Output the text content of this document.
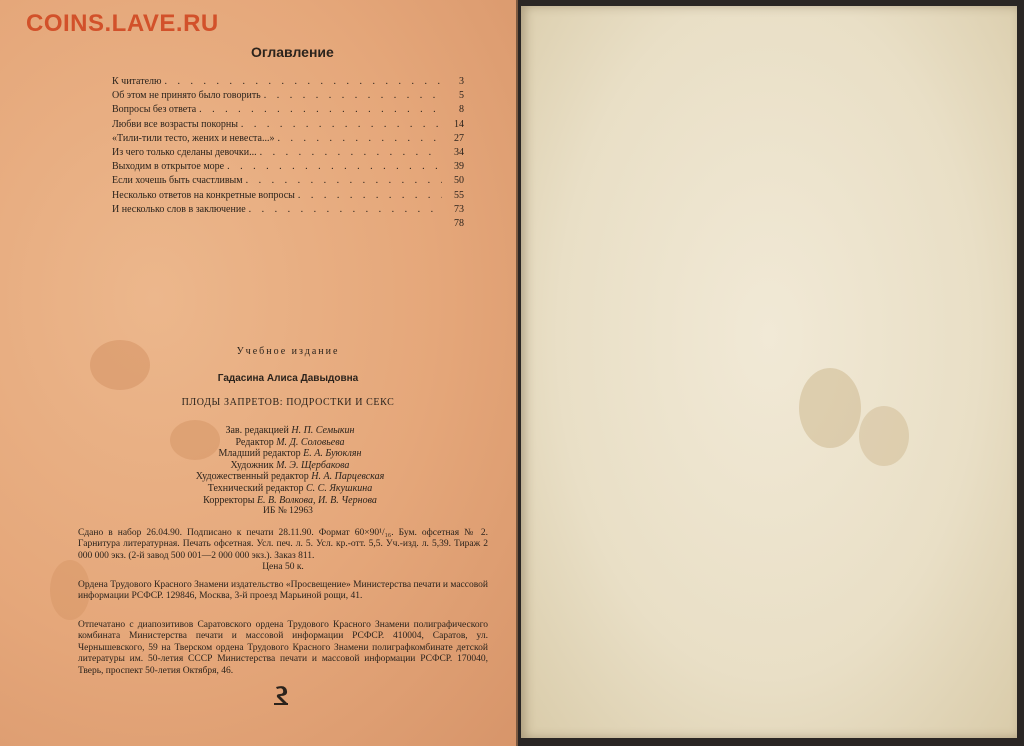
COINS.LAVE.RU
Оглавление
К читателю . . .	3
Об этом не принято было говорить . . .	5
Вопросы без ответа . . .	8
Любви все возрасты покорны . . .	14
«Тили-тили тесто, жених и невеста...» . . .	27
Из чего только сделаны девочки... . . .	34
Выходим в открытое море . . .	39
Если хочешь быть счастливым . . .	50
Несколько ответов на конкретные вопросы . . .	55
И несколько слов в заключение . . .	73
78
Учебное издание
Гадасина Алиса Давыдовна
ПЛОДЫ ЗАПРЕТОВ: ПОДРОСТКИ И СЕКС
Зав. редакцией Н. П. Семыкин
Редактор М. Д. Соловьева
Младший редактор Е. А. Буюклян
Художник М. Э. Щербакова
Художественный редактор Н. А. Парцевская
Технический редактор С. С. Якушкина
Корректоры Е. В. Волкова, И. В. Чернова
ИБ № 12963
Сдано в набор 26.04.90. Подписано к печати 28.11.90. Формат 60×90¹/₁₆. Бум. офсетная № 2. Гарнитура литературная. Печать офсетная. Усл. печ. л. 5. Усл. кр.-отт. 5,5. Уч.-изд. л. 5,39. Тираж 2 000 000 экз. (2-й завод 500 001—2 000 000 экз.). Заказ 811.
Цена 50 к.
Ордена Трудового Красного Знамени издательство «Просвещение» Министерства печати и массовой информации РСФСР. 129846, Москва, 3-й проезд Марьиной рощи, 41.
Отпечатано с диапозитивов Саратовского ордена Трудового Красного Знамени полиграфического комбината Министерства печати и массовой информации РСФСР. 410004, Саратов, ул. Чернышевского, 59 на Тверском ордена Трудового Красного Знамени полиграфкомбинате детской литературы им. 50-летия СССР Министерства печати и массовой информации РСФСР. 170040, Тверь, проспект 50-летия Октября, 46.
